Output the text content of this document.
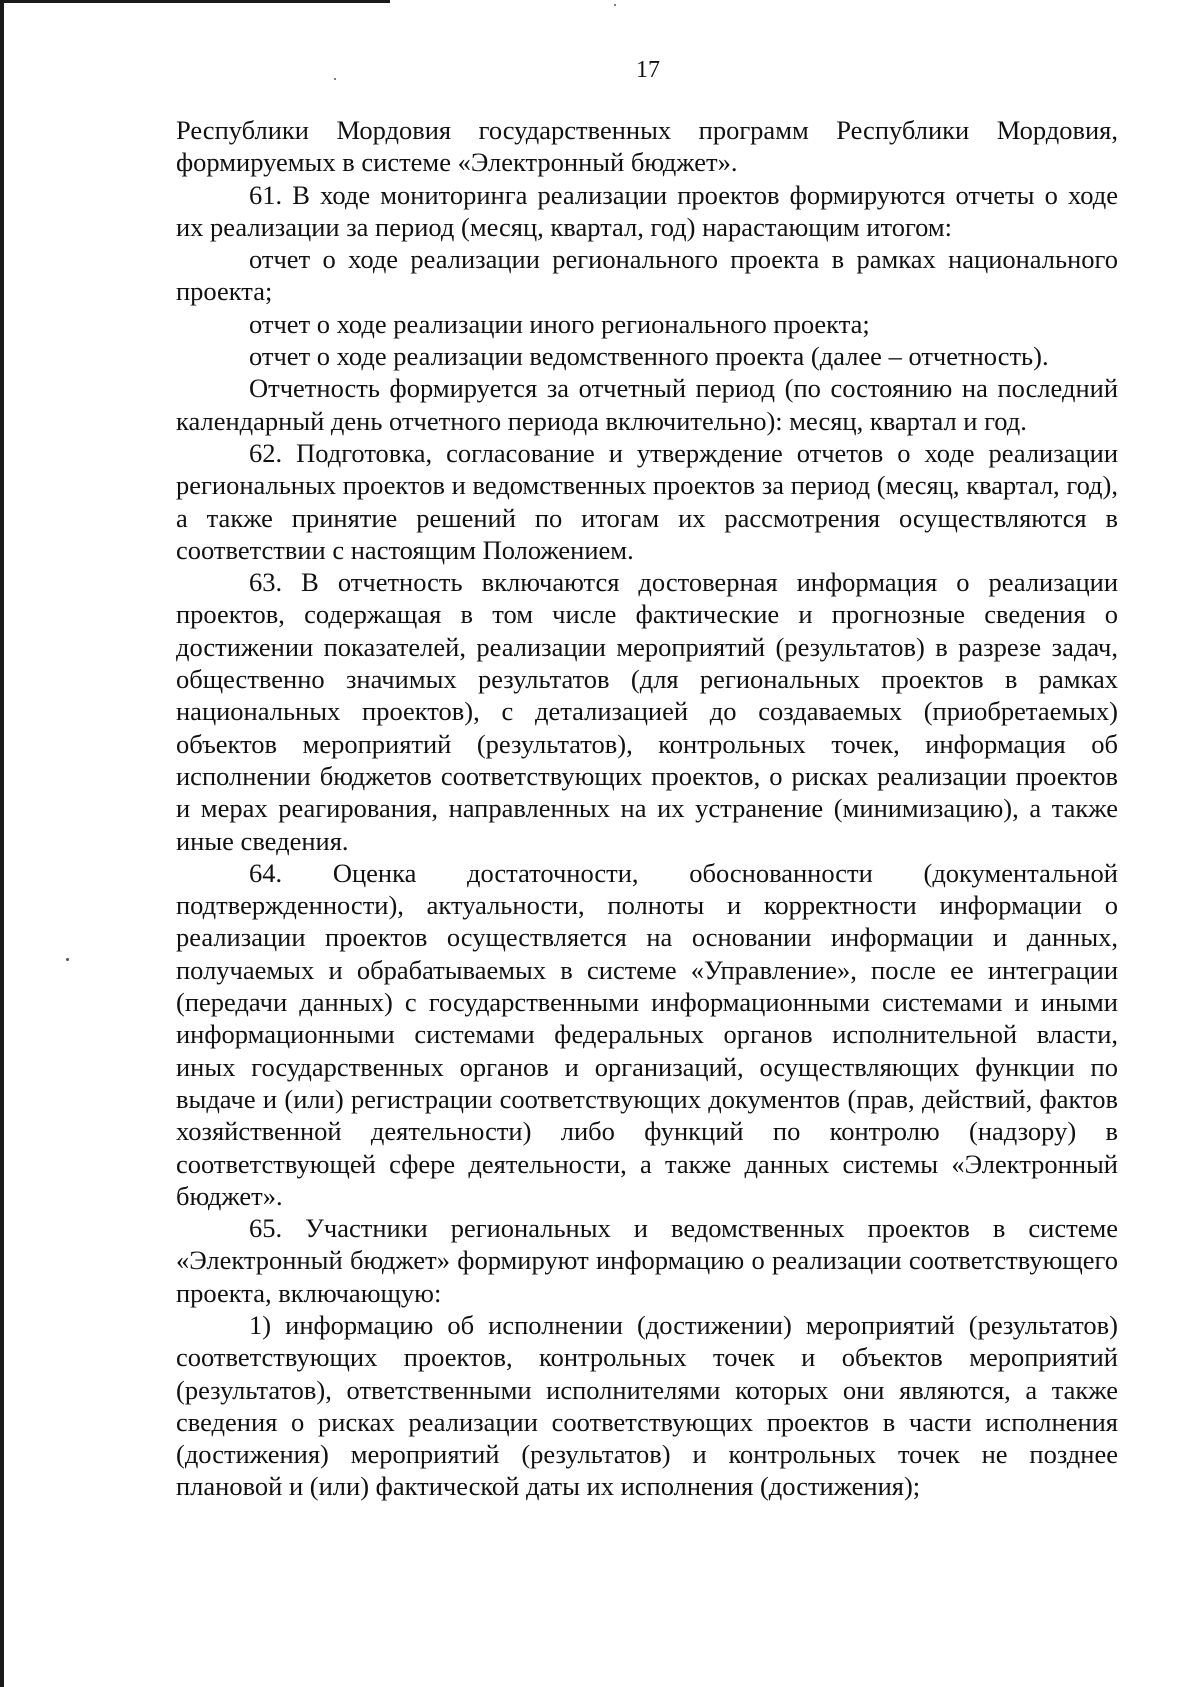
17

Республики Мордовия государственных программ Республики Мордовия, формируемых в системе «Электронный бюджет».

61. В ходе мониторинга реализации проектов формируются отчеты о ходе их реализации за период (месяц, квартал, год) нарастающим итогом:

отчет о ходе реализации регионального проекта в рамках национального проекта;

отчет о ходе реализации иного регионального проекта;

отчет о ходе реализации ведомственного проекта (далее – отчетность).

Отчетность формируется за отчетный период (по состоянию на последний календарный день отчетного периода включительно): месяц, квартал и год.

62. Подготовка, согласование и утверждение отчетов о ходе реализации региональных проектов и ведомственных проектов за период (месяц, квартал, год), а также принятие решений по итогам их рассмотрения осуществляются в соответствии с настоящим Положением.

63. В отчетность включаются достоверная информация о реализации проектов, содержащая в том числе фактические и прогнозные сведения о достижении показателей, реализации мероприятий (результатов) в разрезе задач, общественно значимых результатов (для региональных проектов в рамках национальных проектов), с детализацией до создаваемых (приобретаемых) объектов мероприятий (результатов), контрольных точек, информация об исполнении бюджетов соответствующих проектов, о рисках реализации проектов и мерах реагирования, направленных на их устранение (минимизацию), а также иные сведения.

64. Оценка достаточности, обоснованности (документальной подтвержденности), актуальности, полноты и корректности информации о реализации проектов осуществляется на основании информации и данных, получаемых и обрабатываемых в системе «Управление», после ее интеграции (передачи данных) с государственными информационными системами и иными информационными системами федеральных органов исполнительной власти, иных государственных органов и организаций, осуществляющих функции по выдаче и (или) регистрации соответствующих документов (прав, действий, фактов хозяйственной деятельности) либо функций по контролю (надзору) в соответствующей сфере деятельности, а также данных системы «Электронный бюджет».

65. Участники региональных и ведомственных проектов в системе «Электронный бюджет» формируют информацию о реализации соответствующего проекта, включающую:

1) информацию об исполнении (достижении) мероприятий (результатов) соответствующих проектов, контрольных точек и объектов мероприятий (результатов), ответственными исполнителями которых они являются, а также сведения о рисках реализации соответствующих проектов в части исполнения (достижения) мероприятий (результатов) и контрольных точек не позднее плановой и (или) фактической даты их исполнения (достижения);
